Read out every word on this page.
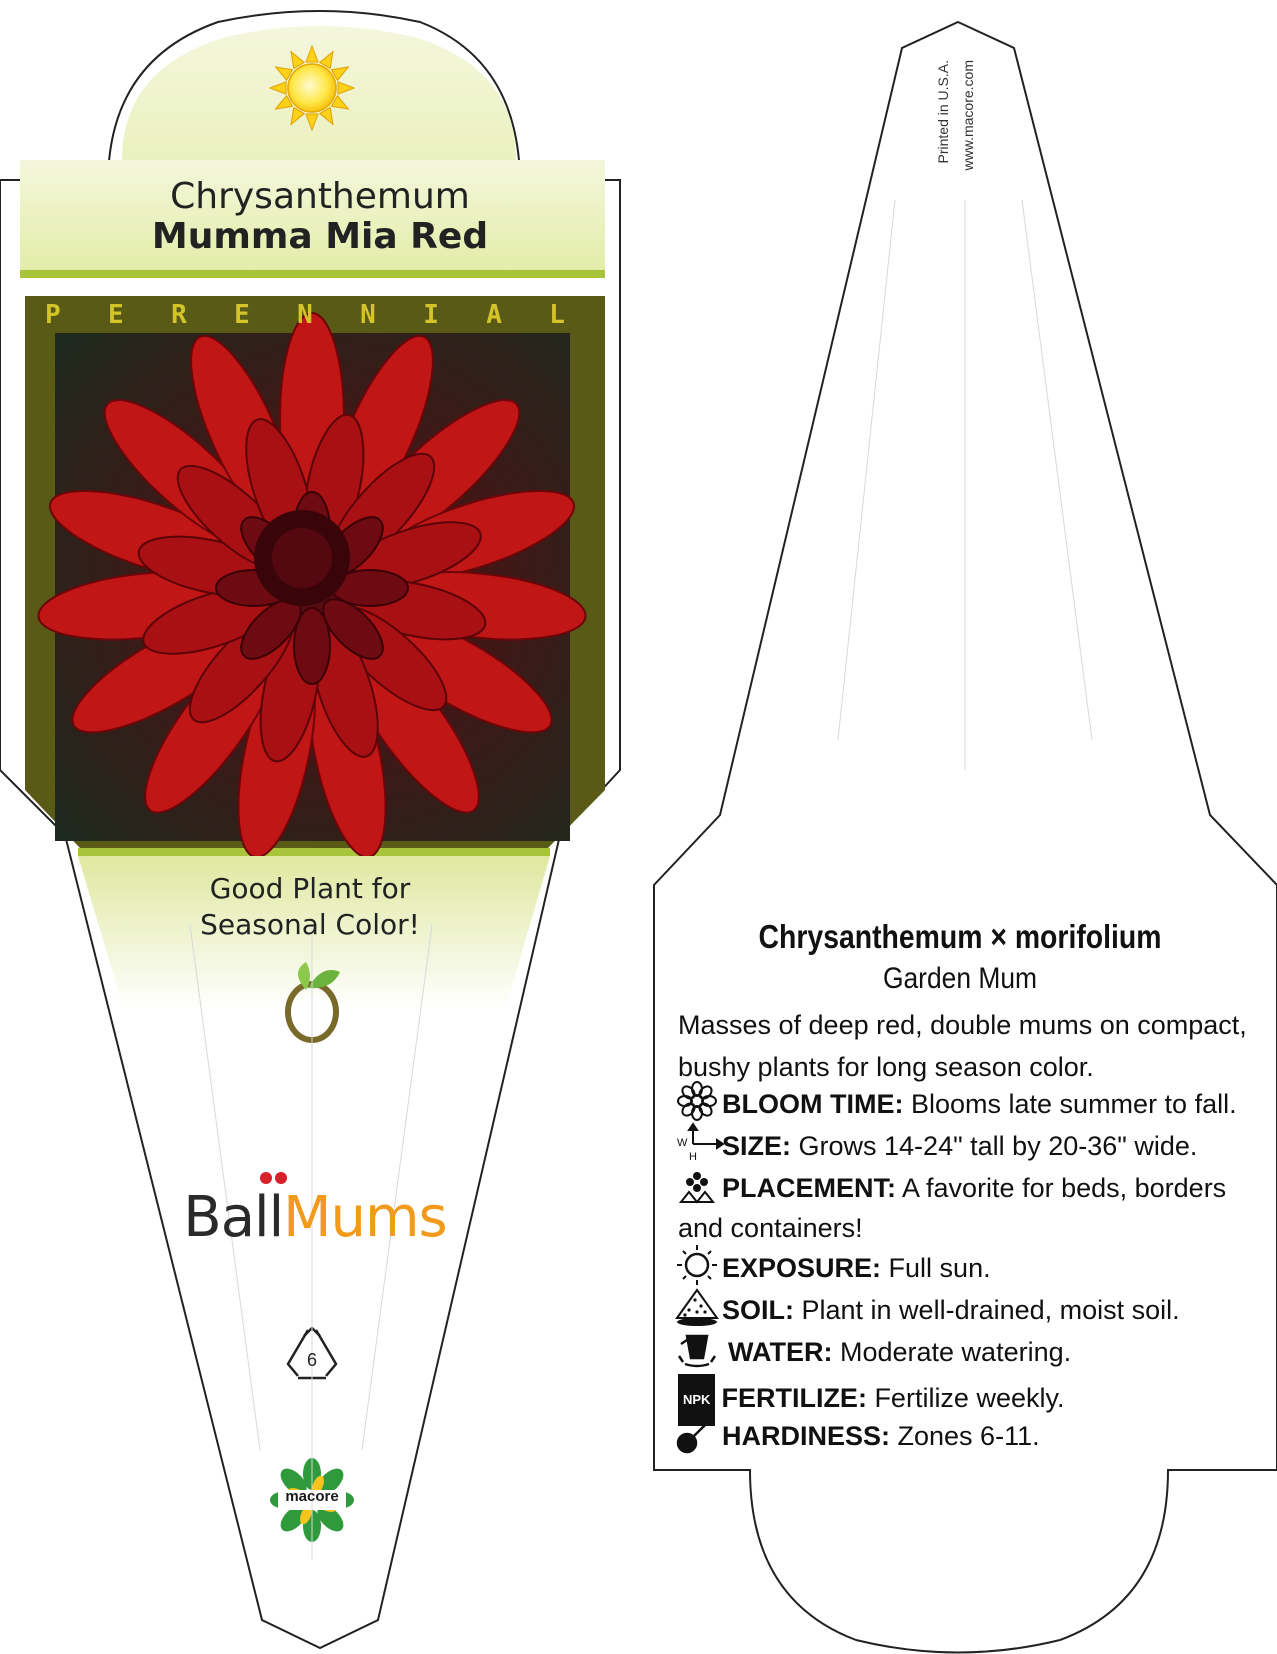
W
H
Chrysanthemum
Mumma Mia Red
P E R E N N I A L
Good Plant for
Seasonal Color!
BallMums
6
macore
Printed in U.S.A. www.macore.com
Chrysanthemum × morifolium
Garden Mum
Masses of deep red, double mums on compact, bushy plants for long season color.
BLOOM TIME: Blooms late summer to fall.
SIZE: Grows 14-24" tall by 20-36" wide.
PLACEMENT: A favorite for beds, borders and containers!
EXPOSURE: Full sun.
SOIL: Plant in well-drained, moist soil.
WATER: Moderate watering.
NPK FERTILIZE: Fertilize weekly.
HARDINESS: Zones 6-11.
